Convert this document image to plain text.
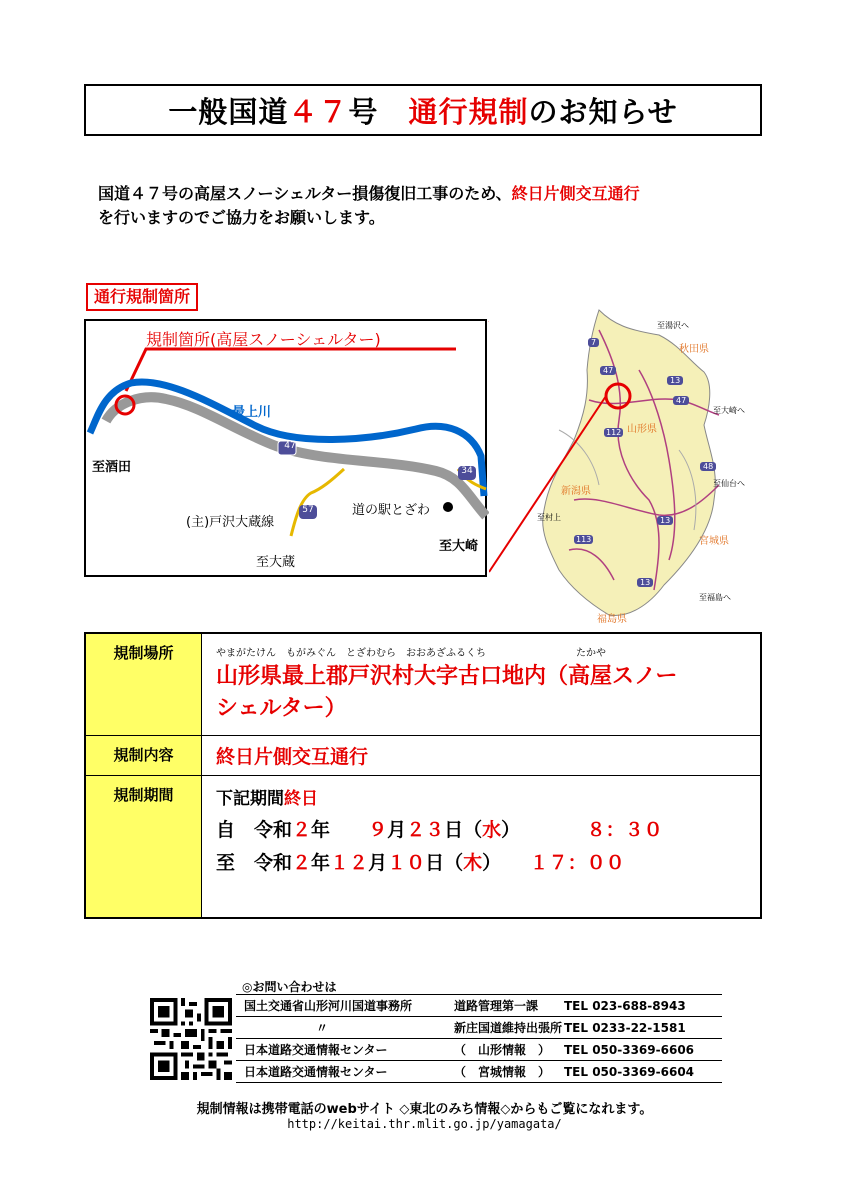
一般国道 ４７ 号　 通行規制 のお知らせ
国道４７号の高屋スノーシェルター損傷復旧工事のため、終日片側交互通行
を行いますのでご協力をお願いします。
通行規制箇所
規制箇所(高屋スノーシェルター)
最上川
47
至酒田
至大崎
(主)戸沢大蔵線
57
34
道の駅とざわ
至大蔵
至湯沢へ
秋田県
至大崎へ
山形県
至仙台へ
新潟県
至村上
宮城県
至福島へ
福島県
7
47
13
47
112
48
13
113
13
規制場所	やまがたけん　もがみぐん　とざわむら　おおあざふるくち　　　　　　　　　たかや
山形県最上郡戸沢村大字古口地内（高屋スノー
シェルター）

規制内容	終日片側交互通行

規制期間	下記期間終日
自　令和２年　　９月２３日（水）　　　　 ８：３０
至　令和２年１２月１０日（木）　　 １７：００
◎お問い合わせは
国土交通省山形河川国道事務所	道路管理第一課	TEL 023-688-8943
〃	新庄国道維持出張所 TEL 0233-22-1581
日本道路交通情報センター	（　山形情報　）	TEL 050-3369-6606
日本道路交通情報センター	（　宮城情報　）	TEL 050-3369-6604
規制情報は携帯電話のwebサイト ◇東北のみち情報◇からもご覧になれます。
http://keitai.thr.mlit.go.jp/yamagata/
